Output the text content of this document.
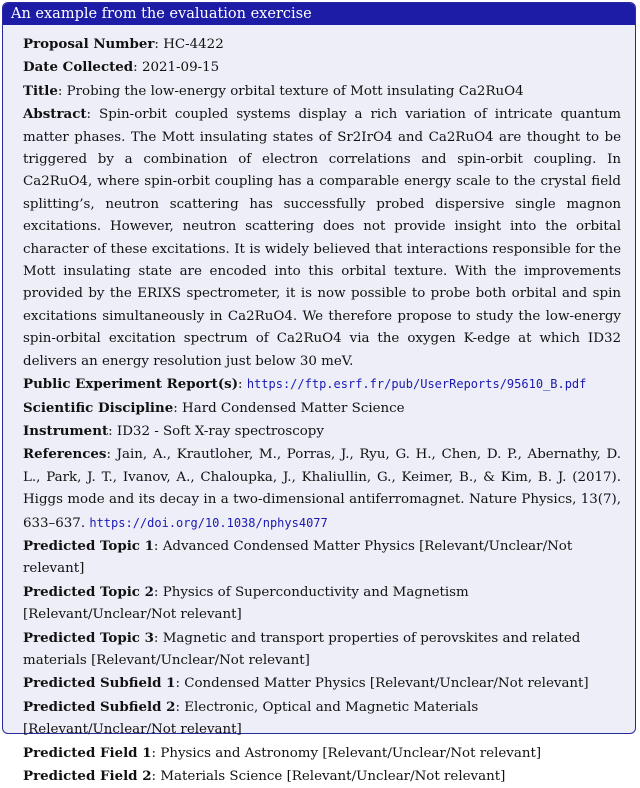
An example from the evaluation exercise

Proposal Number: HC-4422

Date Collected: 2021-09-15

Title: Probing the low-energy orbital texture of Mott insulating Ca2RuO4

Abstract: Spin-orbit coupled systems display a rich variation of intricate quantum matter phases. The Mott insulating states of Sr2IrO4 and Ca2RuO4 are thought to be triggered by a combination of electron correlations and spin-orbit coupling. In Ca2RuO4, where spin-orbit coupling has a comparable energy scale to the crystal field splitting’s, neutron scattering has successfully probed dispersive single magnon excitations. However, neutron scattering does not provide insight into the orbital character of these excitations. It is widely believed that interactions responsible for the Mott insulating state are encoded into this orbital texture. With the improvements provided by the ERIXS spectrometer, it is now possible to probe both orbital and spin excitations simultaneously in Ca2RuO4. We therefore propose to study the low-energy spin-orbital excitation spectrum of Ca2RuO4 via the oxygen K-edge at which ID32 delivers an energy resolution just below 30 meV.

Public Experiment Report(s): https://ftp.esrf.fr/pub/UserReports/95610_B.pdf

Scientific Discipline: Hard Condensed Matter Science

Instrument: ID32 - Soft X-ray spectroscopy

References: Jain, A., Krautloher, M., Porras, J., Ryu, G. H., Chen, D. P., Abernathy, D. L., Park, J. T., Ivanov, A., Chaloupka, J., Khaliullin, G., Keimer, B., & Kim, B. J. (2017). Higgs mode and its decay in a two-dimensional antiferromagnet. Nature Physics, 13(7), 633–637. https://doi.org/10.1038/nphys4077

Predicted Topic 1: Advanced Condensed Matter Physics [Relevant/Unclear/Not relevant]

Predicted Topic 2: Physics of Superconductivity and Magnetism [Relevant/Unclear/Not relevant]

Predicted Topic 3: Magnetic and transport properties of perovskites and related materials [Relevant/Unclear/Not relevant]

Predicted Subfield 1: Condensed Matter Physics [Relevant/Unclear/Not relevant]

Predicted Subfield 2: Electronic, Optical and Magnetic Materials [Relevant/Unclear/Not relevant]

Predicted Field 1: Physics and Astronomy [Relevant/Unclear/Not relevant]

Predicted Field 2: Materials Science [Relevant/Unclear/Not relevant]
